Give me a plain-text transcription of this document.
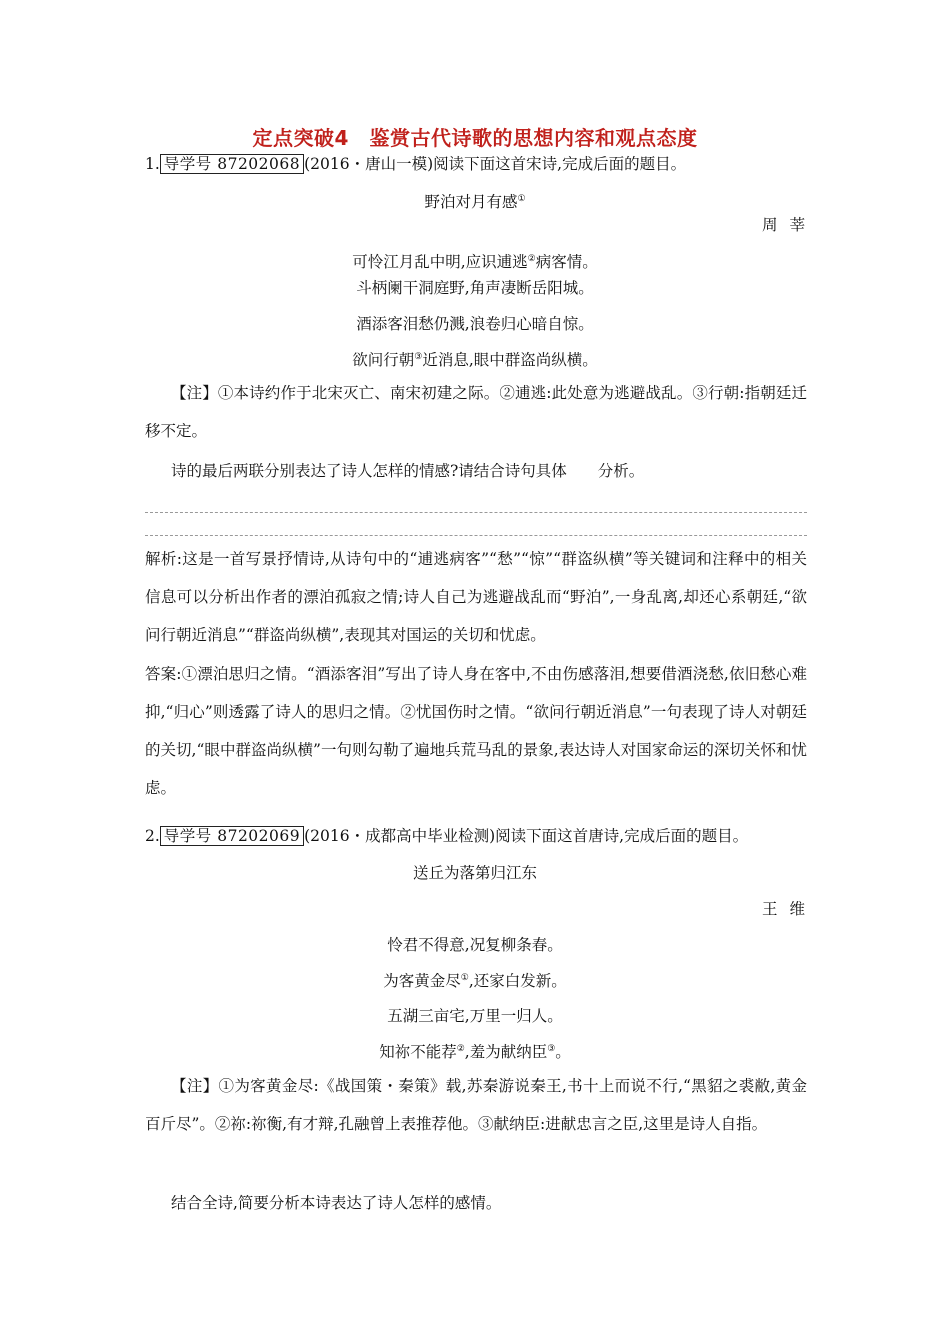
定点突破4　鉴赏古代诗歌的思想内容和观点态度
1. 导学号 87202068 (2016・唐山一模)阅读下面这首宋诗,完成后面的题目。
野泊对月有感①
周莘
可怜江月乱中明,应识逋逃②病客情。
斗柄阑干洞庭野,角声凄断岳阳城。
酒添客泪愁仍溅,浪卷归心暗自惊。
欲问行朝③近消息,眼中群盗尚纵横。
【注】①本诗约作于北宋灭亡、南宋初建之际。②逋逃:此处意为逃避战乱。③行朝:指朝廷迁移不定。
诗的最后两联分别表达了诗人怎样的情感?请结合诗句具体　　分析。
解析:这是一首写景抒情诗,从诗句中的“逋逃病客”“愁”“惊”“群盗纵横”等关键词和注释中的相关信息可以分析出作者的漂泊孤寂之情;诗人自己为逃避战乱而“野泊”,一身乱离,却还心系朝廷,“欲问行朝近消息”“群盗尚纵横”,表现其对国运的关切和忧虑。
答案:①漂泊思归之情。“酒添客泪”写出了诗人身在客中,不由伤感落泪,想要借酒浇愁,依旧愁心难抑,“归心”则透露了诗人的思归之情。②忧国伤时之情。“欲问行朝近消息”一句表现了诗人对朝廷的关切,“眼中群盗尚纵横”一句则勾勒了遍地兵荒马乱的景象,表达诗人对国家命运的深切关怀和忧虑。
2. 导学号 87202069 (2016・成都高中毕业检测)阅读下面这首唐诗,完成后面的题目。
送丘为落第归江东
王维
怜君不得意,况复柳条春。
为客黄金尽①,还家白发新。
五湖三亩宅,万里一归人。
知祢不能荐②,羞为献纳臣③。
【注】①为客黄金尽:《战国策・秦策》载,苏秦游说秦王,书十上而说不行,“黑貂之裘敝,黄金百斤尽”。②祢:祢衡,有才辩,孔融曾上表推荐他。③献纳臣:进献忠言之臣,这里是诗人自指。
结合全诗,简要分析本诗表达了诗人怎样的感情。
